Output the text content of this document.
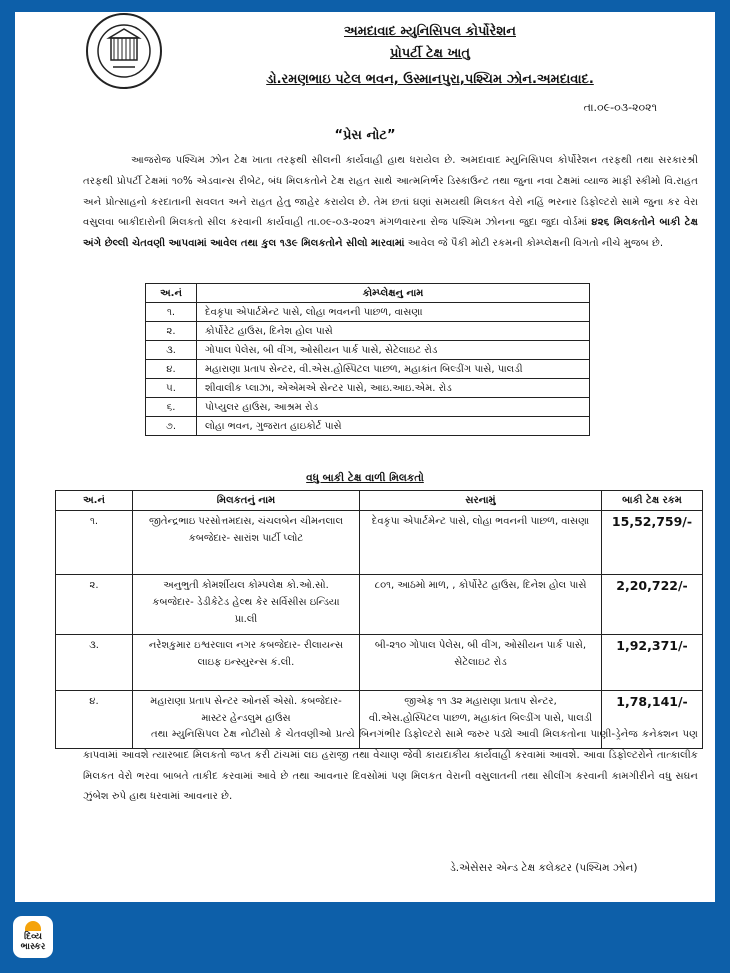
અમદાવાદ મ્યુનિસિપલ કોર્પોરેશન
પ્રોપર્ટી ટેક્ષ ખાતુ
ડો.રમણભાઇ પટેલ ભવન, ઉસ્માનપુરા,પશ્ચિમ ઝોન.અમદાવાદ.
તા.૦૯-૦૩-૨૦૨૧
“પ્રેસ નોટ”
આજરોજ પશ્ચિમ ઝોન ટેક્ષ ખાતા તરફથી સીલની કાર્યવાહી હાથ ધરાયેલ છે. અમદાવાદ મ્યુનિસિપલ કોર્પોરેશન તરફથી તથા સરકારશ્રી તરફથી પ્રોપર્ટી ટેક્ષમાં ૧૦% એડવાન્સ રીબેટ, બંધ મિલકતોને ટેક્ષ રાહત સાથે આત્મનિર્ભર ડિસ્કાઉન્ટ તથા જુના નવા ટેક્ષમાં વ્યાજ માફી સ્કીમો વિ.રાહત અને પ્રોત્સાહનો કરદાતાની સવલત અને રાહત હેતુ જાહેર કરાયેલ છે. તેમ છતાં ઘણાં સમયથી મિલકત વેરો નહિં ભરનાર ડિફોલ્ટરો સામે જુના કર વેરા વસુલવા બાકીદારોની મિલકતો સીલ કરવાની કાર્યવાહી તા.૦૯-૦૩-૨૦૨૧ મંગળવારના રોજ પશ્ચિમ ઝોનના જુદા જુદા વોર્ડમાં ૪૨૬ મિલકતોને બાકી ટેક્ષ અંગે છેલ્લી ચેતવણી આપવામાં આવેલ તથા કુલ ૧૩૯ મિલકતોને સીલો મારવામાં આવેલ જે પૈકી મોટી રકમની કોમ્પ્લેક્ષની વિગતો નીચે મુજબ છે.
અ.નં	કોમ્પ્લેક્ષનુ નામ
૧.	દેવકૃપા એપાર્ટમેન્ટ પાસે, લોહા ભવનની પાછળ, વાસણા
૨.	કોર્પોરેટ હાઉસ, દિનેશ હોલ પાસે
૩.	ગોપાલ પેલેસ, બી વીંગ, ઓસીયન પાર્ક પાસે, સેટેલાઇટ રોડ
૪.	મહારાણા પ્રતાપ સેન્ટર, વી.એસ.હોસ્પિટલ પાછળ, મહાકાંત બિલ્ડીંગ પાસે, પાલડી
૫.	શીવાલીક પ્લાઝા, એએમએ સેન્ટર પાસે, આઇ.આઇ.એમ. રોડ
૬.	પોપ્યુલર હાઉસ, આશ્રમ રોડ
૭.	લોહા ભવન, ગુજરાત હાઇકોર્ટ પાસે
વધુ બાકી ટેક્ષ વાળી મિલકતો
અ.નં	મિલકતનું નામ	સરનામું	બાકી ટેક્ષ રકમ
૧.	જીતેન્દ્રભાઇ પરસોત્તમદાસ, ચંચલબેન ચીમનલાલ કબજેદાર- સારાંશ પાર્ટી પ્લોટ	દેવકૃપા એપાર્ટમેન્ટ પાસે, લોહા ભવનની પાછળ, વાસણા	15,52,759/-
૨.	અનુભુતી કોમર્શીયલ કોમ્પલેક્ષ કો.ઓ.સો. કબજેદાર- ડેડીકેટેડ હેલ્થ કેર સર્વિસીસ ઇન્ડિયા પ્રા.લી	૮૦૧, આઠમો માળ, , કોર્પોરેટ હાઉસ, દિનેશ હોલ પાસે	2,20,722/-
૩.	નરેશકુમાર ઇશ્વરલાલ નગર કબજેદાર- રીલાયન્સ લાઇફ ઇન્સ્યુરન્સ કં.લી.	બી-૨૧૦ ગોપાલ પેલેસ, બી વીંગ, ઓસીયન પાર્ક પાસે, સેટેલાઇટ રોડ	1,92,371/-
૪.	મહારાણા પ્રતાપ સેન્ટર ઓનર્સ એસો. કબજેદાર-માસ્ટર હેન્ડલુમ હાઉસ	જીએફ ૧૧ ૩૨ મહારાણા પ્રતાપ સેન્ટર, વી.એસ.હોસ્પિટલ પાછળ, મહાકાંત બિલ્ડીંગ પાસે, પાલડી	1,78,141/-
તથા મ્યુનિસિપલ ટેક્ષ નોટીસો કે ચેતવણીઓ પ્રત્યે બિનગંભીર ડિફોલ્ટરો સામે જરુર પડ્યે આવી મિલકતોના પાણી-ડ્રેનેજ કનેક્શન પણ કાપવામાં આવશે ત્યારબાદ મિલકતો જપ્ત કરી ટાંચમાં લઇ હરાજી તથા વેચાણ જેવી કાયદાકીય કાર્યવાહી કરવામાં આવશે. આવા ડિફોલ્ટરોને તાત્કાલીક મિલકત વેરો ભરવા બાબતે તાકીદ કરવામાં આવે છે તથા આવનાર દિવસોમાં પણ મિલકત વેરાની વસુલાતની તથા સીલીંગ કરવાની કામગીરીને વધુ સઘન ઝુંબેશ રુપે હાથ ધરવામાં આવનાર છે.
ડે.એસેસર એન્ડ ટેક્ષ કલેક્ટર (પશ્ચિમ ઝોન)
દિવ્ય
ભાસ્કર
